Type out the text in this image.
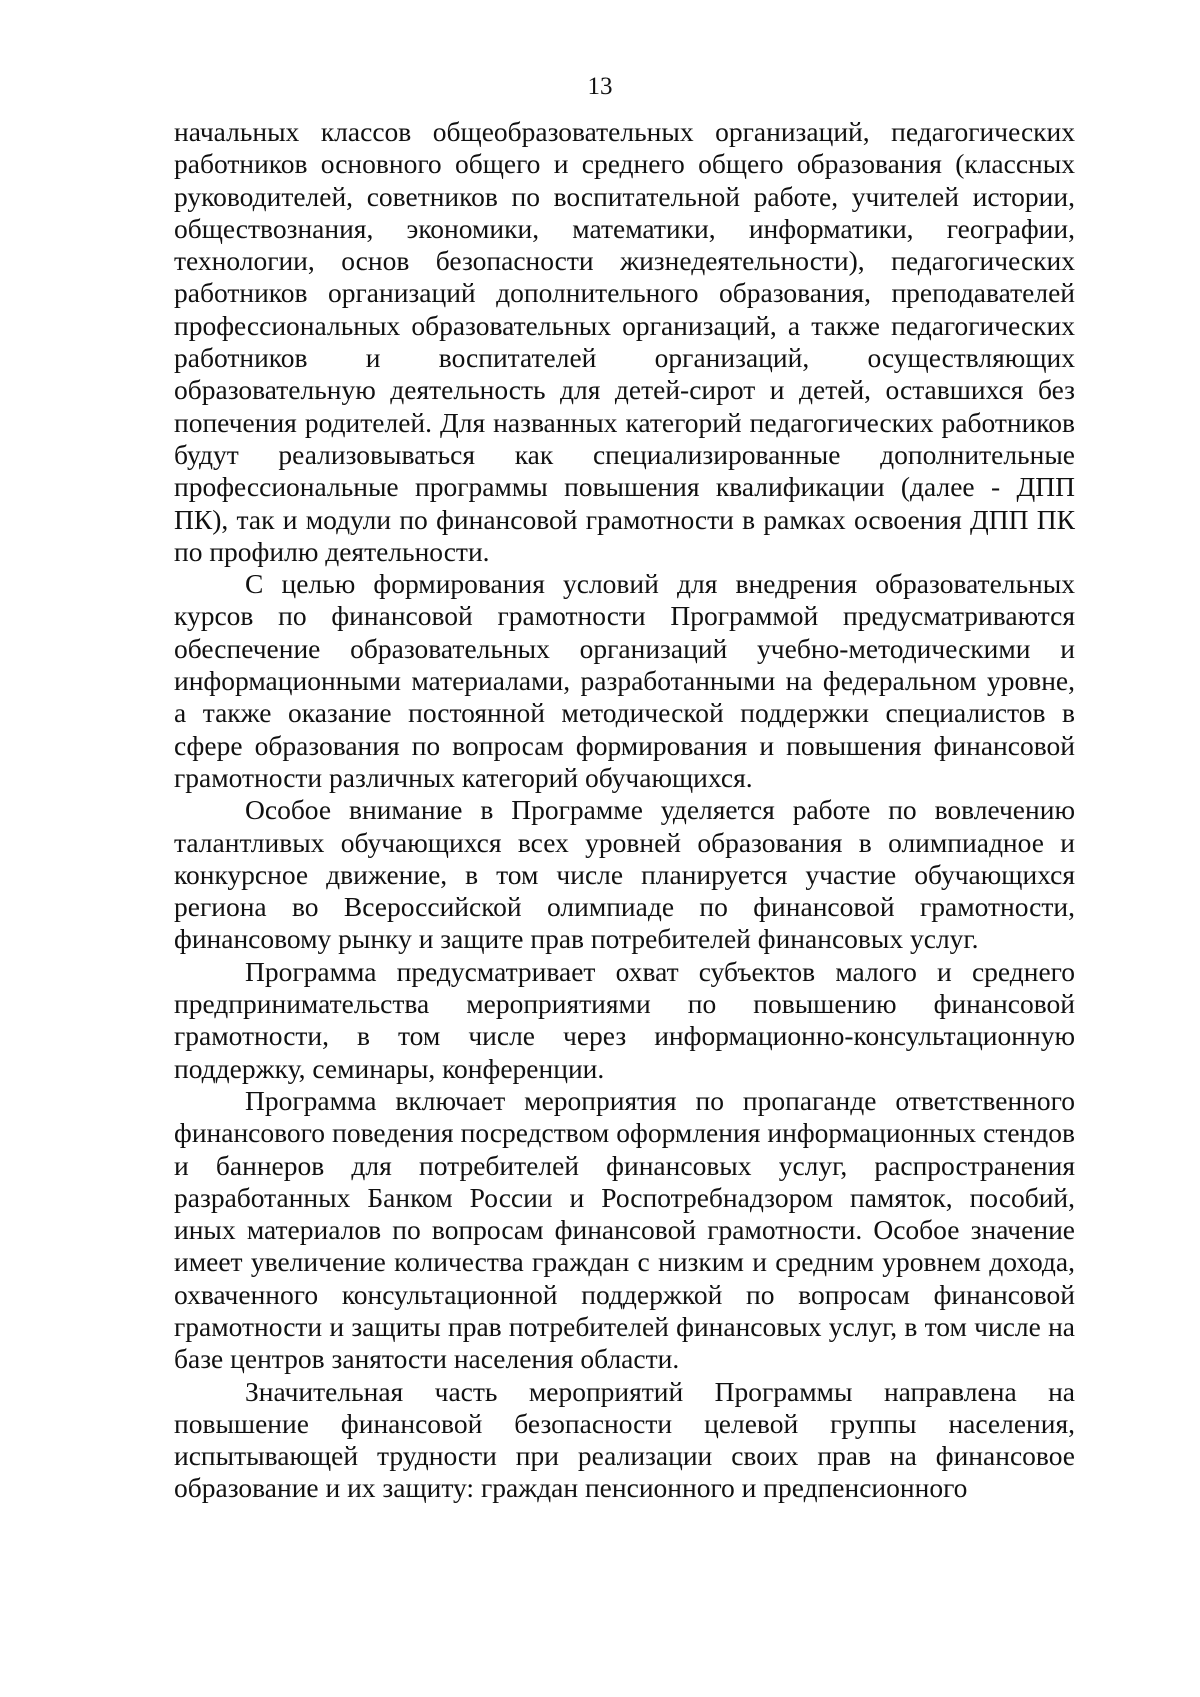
13

начальных классов общеобразовательных организаций, педагогических работников основного общего и среднего общего образования (классных руководителей, советников по воспитательной работе, учителей истории, обществознания, экономики, математики, информатики, географии, технологии, основ безопасности жизнедеятельности), педагогических работников организаций дополнительного образования, преподавателей профессиональных образовательных организаций, а также педагогических работников и воспитателей организаций, осуществляющих образовательную деятельность для детей-сирот и детей, оставшихся без попечения родителей. Для названных категорий педагогических работников будут реализовываться как специализированные дополнительные профессиональные программы повышения квалификации (далее - ДПП ПК), так и модули по финансовой грамотности в рамках освоения ДПП ПК по профилю деятельности.

С целью формирования условий для внедрения образовательных курсов по финансовой грамотности Программой предусматриваются обеспечение образовательных организаций учебно-методическими и информационными материалами, разработанными на федеральном уровне, а также оказание постоянной методической поддержки специалистов в сфере образования по вопросам формирования и повышения финансовой грамотности различных категорий обучающихся.

Особое внимание в Программе уделяется работе по вовлечению талантливых обучающихся всех уровней образования в олимпиадное и конкурсное движение, в том числе планируется участие обучающихся региона во Всероссийской олимпиаде по финансовой грамотности, финансовому рынку и защите прав потребителей финансовых услуг.

Программа предусматривает охват субъектов малого и среднего предпринимательства мероприятиями по повышению финансовой грамотности, в том числе через информационно-консультационную поддержку, семинары, конференции.

Программа включает мероприятия по пропаганде ответственного финансового поведения посредством оформления информационных стендов и баннеров для потребителей финансовых услуг, распространения разработанных Банком России и Роспотребнадзором памяток, пособий, иных материалов по вопросам финансовой грамотности. Особое значение имеет увеличение количества граждан с низким и средним уровнем дохода, охваченного консультационной поддержкой по вопросам финансовой грамотности и защиты прав потребителей финансовых услуг, в том числе на базе центров занятости населения области.

Значительная часть мероприятий Программы направлена на повышение финансовой безопасности целевой группы населения, испытывающей трудности при реализации своих прав на финансовое образование и их защиту: граждан пенсионного и предпенсионного
